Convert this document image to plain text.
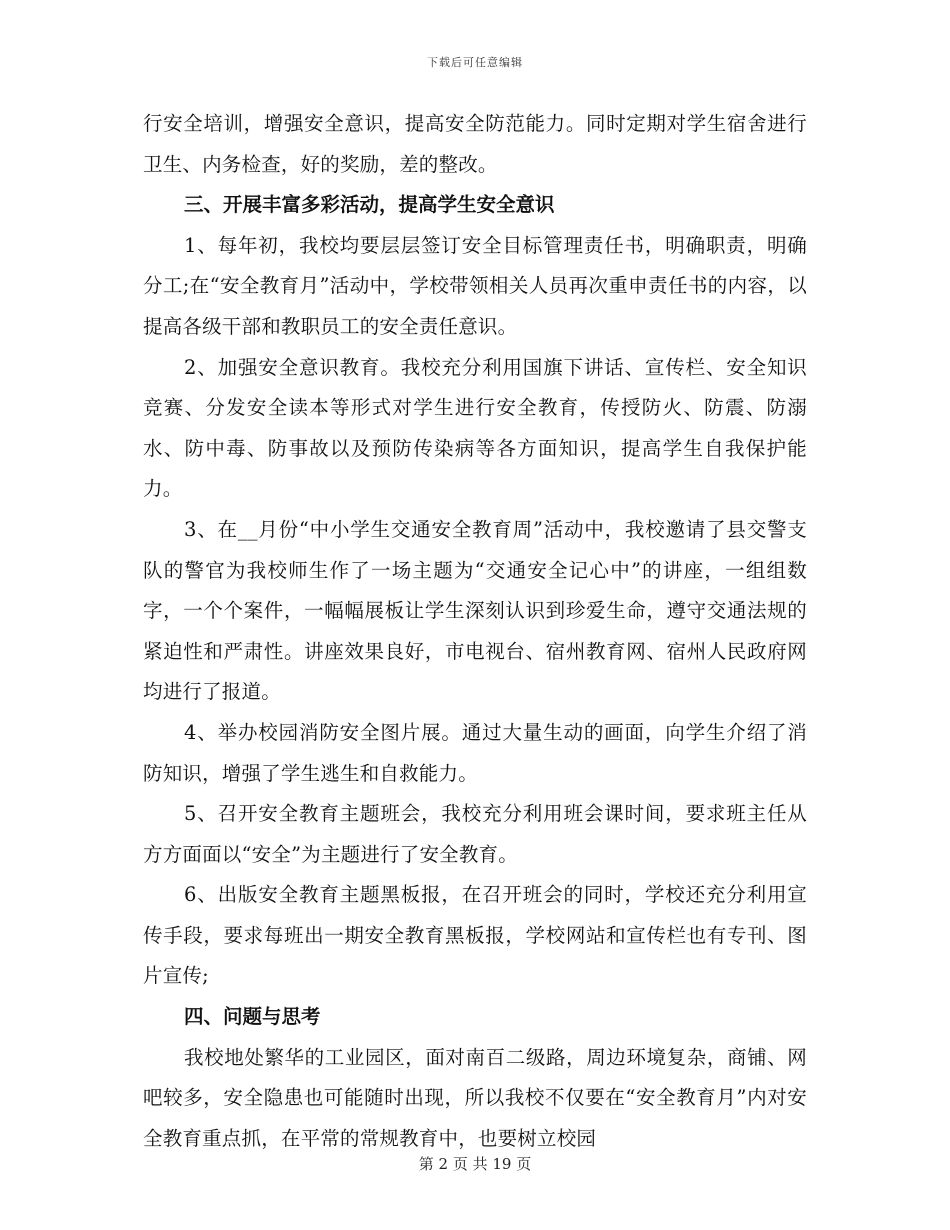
下载后可任意编辑

行安全培训，增强安全意识，提高安全防范能力。同时定期对学生宿舍进行卫生、内务检查，好的奖励，差的整改。

三、开展丰富多彩活动，提高学生安全意识

1、每年初，我校均要层层签订安全目标管理责任书，明确职责，明确分工;在“安全教育月”活动中，学校带领相关人员再次重申责任书的内容，以提高各级干部和教职员工的安全责任意识。

2、加强安全意识教育。我校充分利用国旗下讲话、宣传栏、安全知识竞赛、分发安全读本等形式对学生进行安全教育，传授防火、防震、防溺水、防中毒、防事故以及预防传染病等各方面知识，提高学生自我保护能力。

3、在__月份“中小学生交通安全教育周”活动中，我校邀请了县交警支队的警官为我校师生作了一场主题为“交通安全记心中”的讲座，一组组数字，一个个案件，一幅幅展板让学生深刻认识到珍爱生命，遵守交通法规的紧迫性和严肃性。讲座效果良好，市电视台、宿州教育网、宿州人民政府网均进行了报道。

4、举办校园消防安全图片展。通过大量生动的画面，向学生介绍了消防知识，增强了学生逃生和自救能力。

5、召开安全教育主题班会，我校充分利用班会课时间，要求班主任从方方面面以“安全”为主题进行了安全教育。

6、出版安全教育主题黑板报，在召开班会的同时，学校还充分利用宣传手段，要求每班出一期安全教育黑板报，学校网站和宣传栏也有专刊、图片宣传;

四、问题与思考

我校地处繁华的工业园区，面对南百二级路，周边环境复杂，商铺、网吧较多，安全隐患也可能随时出现，所以我校不仅要在“安全教育月”内对安全教育重点抓，在平常的常规教育中，也要树立校园

第 2 页 共 19 页
